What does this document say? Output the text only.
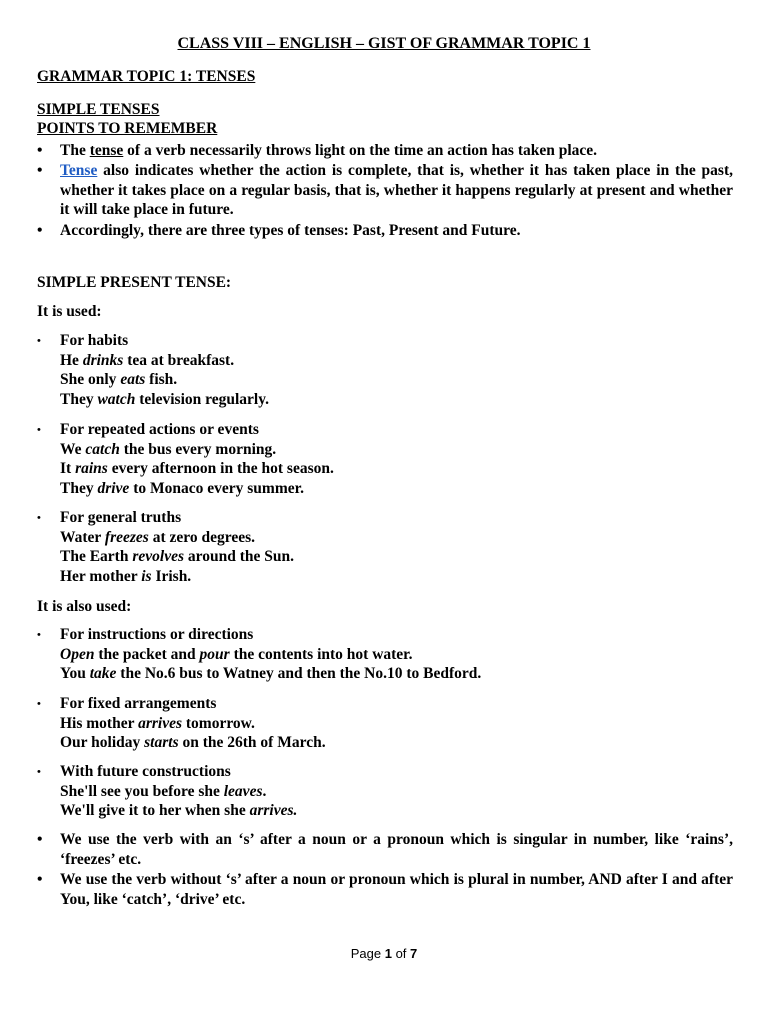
CLASS VIII – ENGLISH – GIST OF GRAMMAR TOPIC 1
GRAMMAR TOPIC 1: TENSES
SIMPLE TENSES
POINTS TO REMEMBER
• The tense of a verb necessarily throws light on the time an action has taken place.
• Tense also indicates whether the action is complete, that is, whether it has taken place in the past, whether it takes place on a regular basis, that is, whether it happens regularly at present and whether it will take place in future.
• Accordingly, there are three types of tenses: Past, Present and Future.
SIMPLE PRESENT TENSE:
It is used:
• For habits
He drinks tea at breakfast.
She only eats fish.
They watch television regularly.
• For repeated actions or events
We catch the bus every morning.
It rains every afternoon in the hot season.
They drive to Monaco every summer.
• For general truths
Water freezes at zero degrees.
The Earth revolves around the Sun.
Her mother is Irish.
It is also used:
• For instructions or directions
Open the packet and pour the contents into hot water.
You take the No.6 bus to Watney and then the No.10 to Bedford.
• For fixed arrangements
His mother arrives tomorrow.
Our holiday starts on the 26th of March.
• With future constructions
She'll see you before she leaves.
We'll give it to her when she arrives.
• We use the verb with an ‘s’ after a noun or a pronoun which is singular in number, like ‘rains’, ‘freezes’ etc.
• We use the verb without ‘s’ after a noun or pronoun which is plural in number, AND after I and after You, like ‘catch’, ‘drive’ etc.
Page 1 of 7
